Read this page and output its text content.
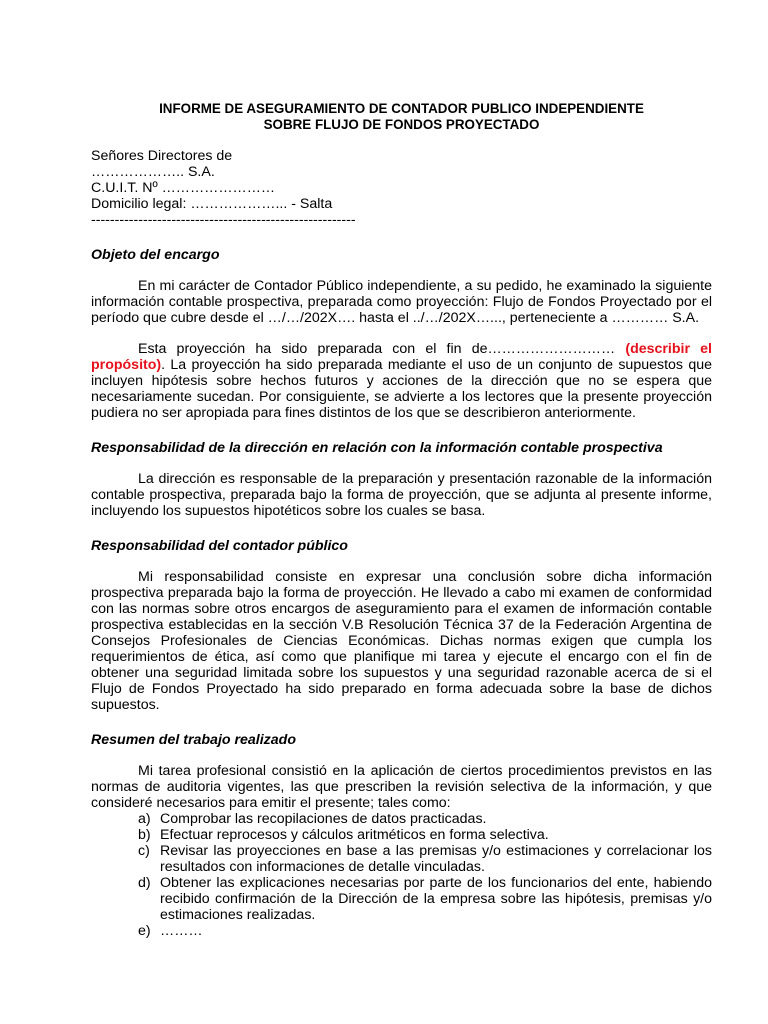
INFORME DE ASEGURAMIENTO DE CONTADOR PUBLICO INDEPENDIENTE
SOBRE FLUJO DE FONDOS PROYECTADO
Señores Directores de
……………….. S.A.
C.U.I.T. Nº ……………………
Domicilio legal: ………………... - Salta
--------------------------------------------------------
Objeto del encargo

En mi carácter de Contador Público independiente, a su pedido, he examinado la siguiente información contable prospectiva, preparada como proyección: Flujo de Fondos Proyectado por el período que cubre desde el …/…/202X…. hasta el ../…/202X…..., perteneciente a ………… S.A.

Esta proyección ha sido preparada con el fin de……………………… (describir el propósito). La proyección ha sido preparada mediante el uso de un conjunto de supuestos que incluyen hipótesis sobre hechos futuros y acciones de la dirección que no se espera que necesariamente sucedan. Por consiguiente, se advierte a los lectores que la presente proyección pudiera no ser apropiada para fines distintos de los que se describieron anteriormente.

Responsabilidad de la dirección en relación con la información contable prospectiva

La dirección es responsable de la preparación y presentación razonable de la información contable prospectiva, preparada bajo la forma de proyección, que se adjunta al presente informe, incluyendo los supuestos hipotéticos sobre los cuales se basa.

Responsabilidad del contador público

Mi responsabilidad consiste en expresar una conclusión sobre dicha información prospectiva preparada bajo la forma de proyección. He llevado a cabo mi examen de conformidad con las normas sobre otros encargos de aseguramiento para el examen de información contable prospectiva establecidas en la sección V.B Resolución Técnica 37 de la Federación Argentina de Consejos Profesionales de Ciencias Económicas. Dichas normas exigen que cumpla los requerimientos de ética, así como que planifique mi tarea y ejecute el encargo con el fin de obtener una seguridad limitada sobre los supuestos y una seguridad razonable acerca de si el Flujo de Fondos Proyectado ha sido preparado en forma adecuada sobre la base de dichos supuestos.

Resumen del trabajo realizado

Mi tarea profesional consistió en la aplicación de ciertos procedimientos previstos en las normas de auditoria vigentes, las que prescriben la revisión selectiva de la información, y que consideré necesarios para emitir el presente; tales como:

a) Comprobar las recopilaciones de datos practicadas.
b) Efectuar reprocesos y cálculos aritméticos en forma selectiva.
c) Revisar las proyecciones en base a las premisas y/o estimaciones y correlacionar los resultados con informaciones de detalle vinculadas.
d) Obtener las explicaciones necesarias por parte de los funcionarios del ente, habiendo recibido confirmación de la Dirección de la empresa sobre las hipótesis, premisas y/o estimaciones realizadas.
e) ………
